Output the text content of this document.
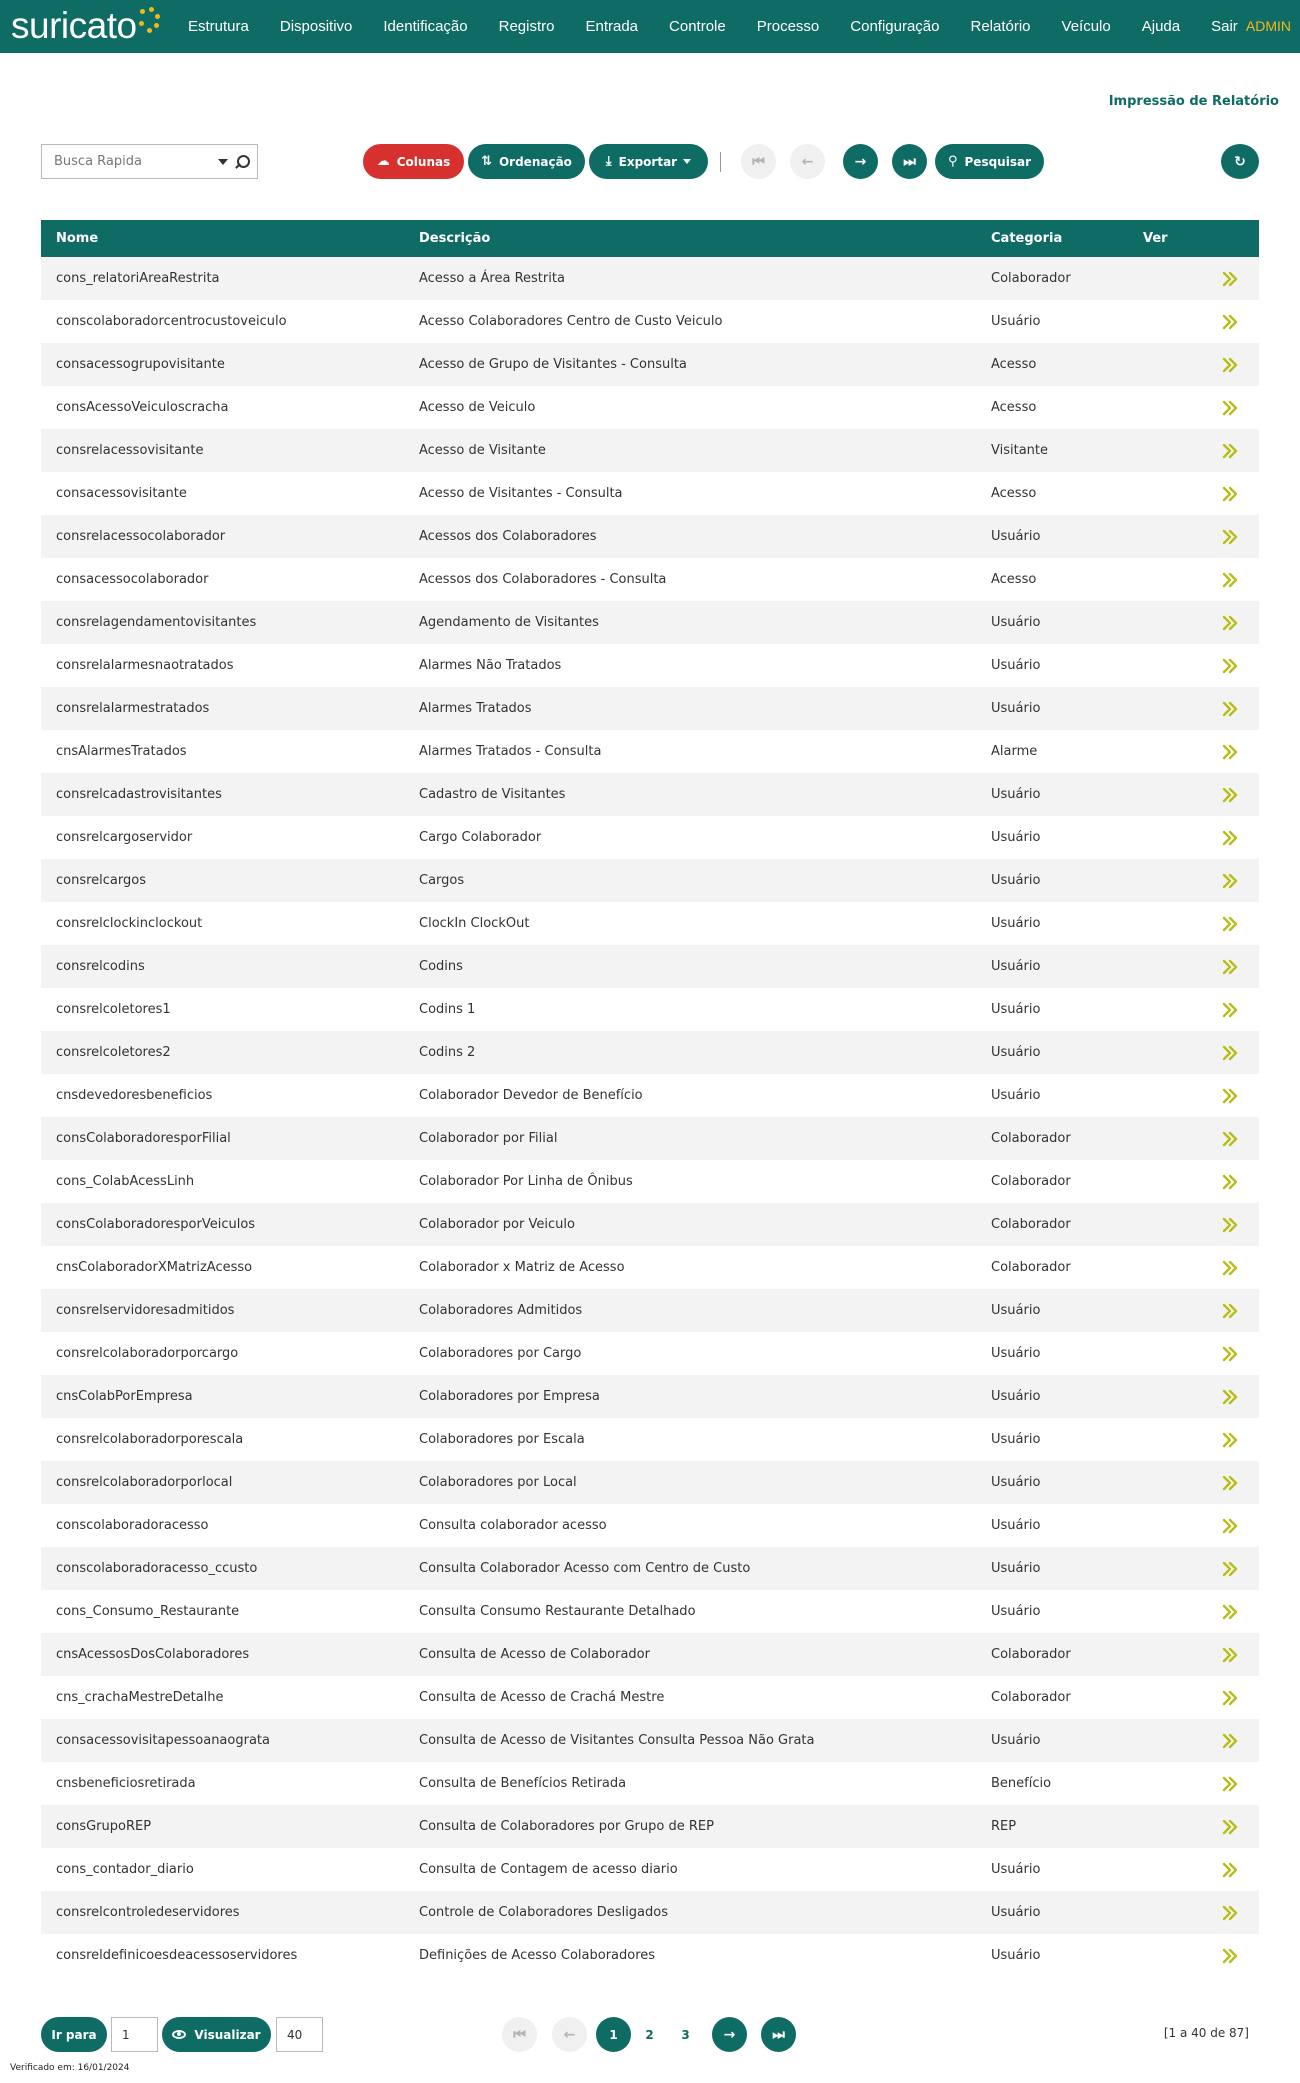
suricato	Estrutura Dispositivo Identificação Registro Entrada Controle Processo Configuração Relatório Veículo Ajuda Sair ADMIN
Impressão de Relatório
Busca Rapida
☁ Colunas ⇅ Ordenação	⤓ Exportar	⏮	←	→	⏭ ⚲ Pesquisar	↻
Nome	Descrição	Categoria	Ver
cons_relatoriAreaRestrita	Acesso a Área Restrita	Colaborador
conscolaboradorcentrocustoveiculo	Acesso Colaboradores Centro de Custo Veiculo	Usuário
consacessogrupovisitante	Acesso de Grupo de Visitantes - Consulta	Acesso
consAcessoVeiculoscracha	Acesso de Veiculo	Acesso
consrelacessovisitante	Acesso de Visitante	Visitante
consacessovisitante	Acesso de Visitantes - Consulta	Acesso
consrelacessocolaborador	Acessos dos Colaboradores	Usuário
consacessocolaborador	Acessos dos Colaboradores - Consulta	Acesso
consrelagendamentovisitantes	Agendamento de Visitantes	Usuário
consrelalarmesnaotratados	Alarmes Não Tratados	Usuário
consrelalarmestratados	Alarmes Tratados	Usuário
cnsAlarmesTratados	Alarmes Tratados - Consulta	Alarme
consrelcadastrovisitantes	Cadastro de Visitantes	Usuário
consrelcargoservidor	Cargo Colaborador	Usuário
consrelcargos	Cargos	Usuário
consrelclockinclockout	ClockIn ClockOut	Usuário
consrelcodins	Codins	Usuário
consrelcoletores1	Codins 1	Usuário
consrelcoletores2	Codins 2	Usuário
cnsdevedoresbeneficios	Colaborador Devedor de Benefício	Usuário
consColaboradoresporFilial	Colaborador por Filial	Colaborador
cons_ColabAcessLinh	Colaborador Por Linha de Ônibus	Colaborador
consColaboradoresporVeiculos	Colaborador por Veiculo	Colaborador
cnsColaboradorXMatrizAcesso	Colaborador x Matriz de Acesso	Colaborador
consrelservidoresadmitidos	Colaboradores Admitidos	Usuário
consrelcolaboradorporcargo	Colaboradores por Cargo	Usuário
cnsColabPorEmpresa	Colaboradores por Empresa	Usuário
consrelcolaboradorporescala	Colaboradores por Escala	Usuário
consrelcolaboradorporlocal	Colaboradores por Local	Usuário
conscolaboradoracesso	Consulta colaborador acesso	Usuário
conscolaboradoracesso_ccusto	Consulta Colaborador Acesso com Centro de Custo	Usuário
cons_Consumo_Restaurante	Consulta Consumo Restaurante Detalhado	Usuário
cnsAcessosDosColaboradores	Consulta de Acesso de Colaborador	Colaborador
cns_crachaMestreDetalhe	Consulta de Acesso de Crachá Mestre	Colaborador
consacessovisitapessoanaograta	Consulta de Acesso de Visitantes Consulta Pessoa Não Grata	Usuário
cnsbeneficiosretirada	Consulta de Benefícios Retirada	Benefício
consGrupoREP	Consulta de Colaboradores por Grupo de REP	REP
cons_contador_diario	Consulta de Contagem de acesso diario	Usuário
consrelcontroledeservidores	Controle de Colaboradores Desligados	Usuário
consreldefinicoesdeacessoservidores	Definições de Acesso Colaboradores	Usuário
Ir para
1	Visualizar
40	⏮	←	1	2	3	→	⏭	[1 a 40 de 87]
Verificado em: 16/01/2024
